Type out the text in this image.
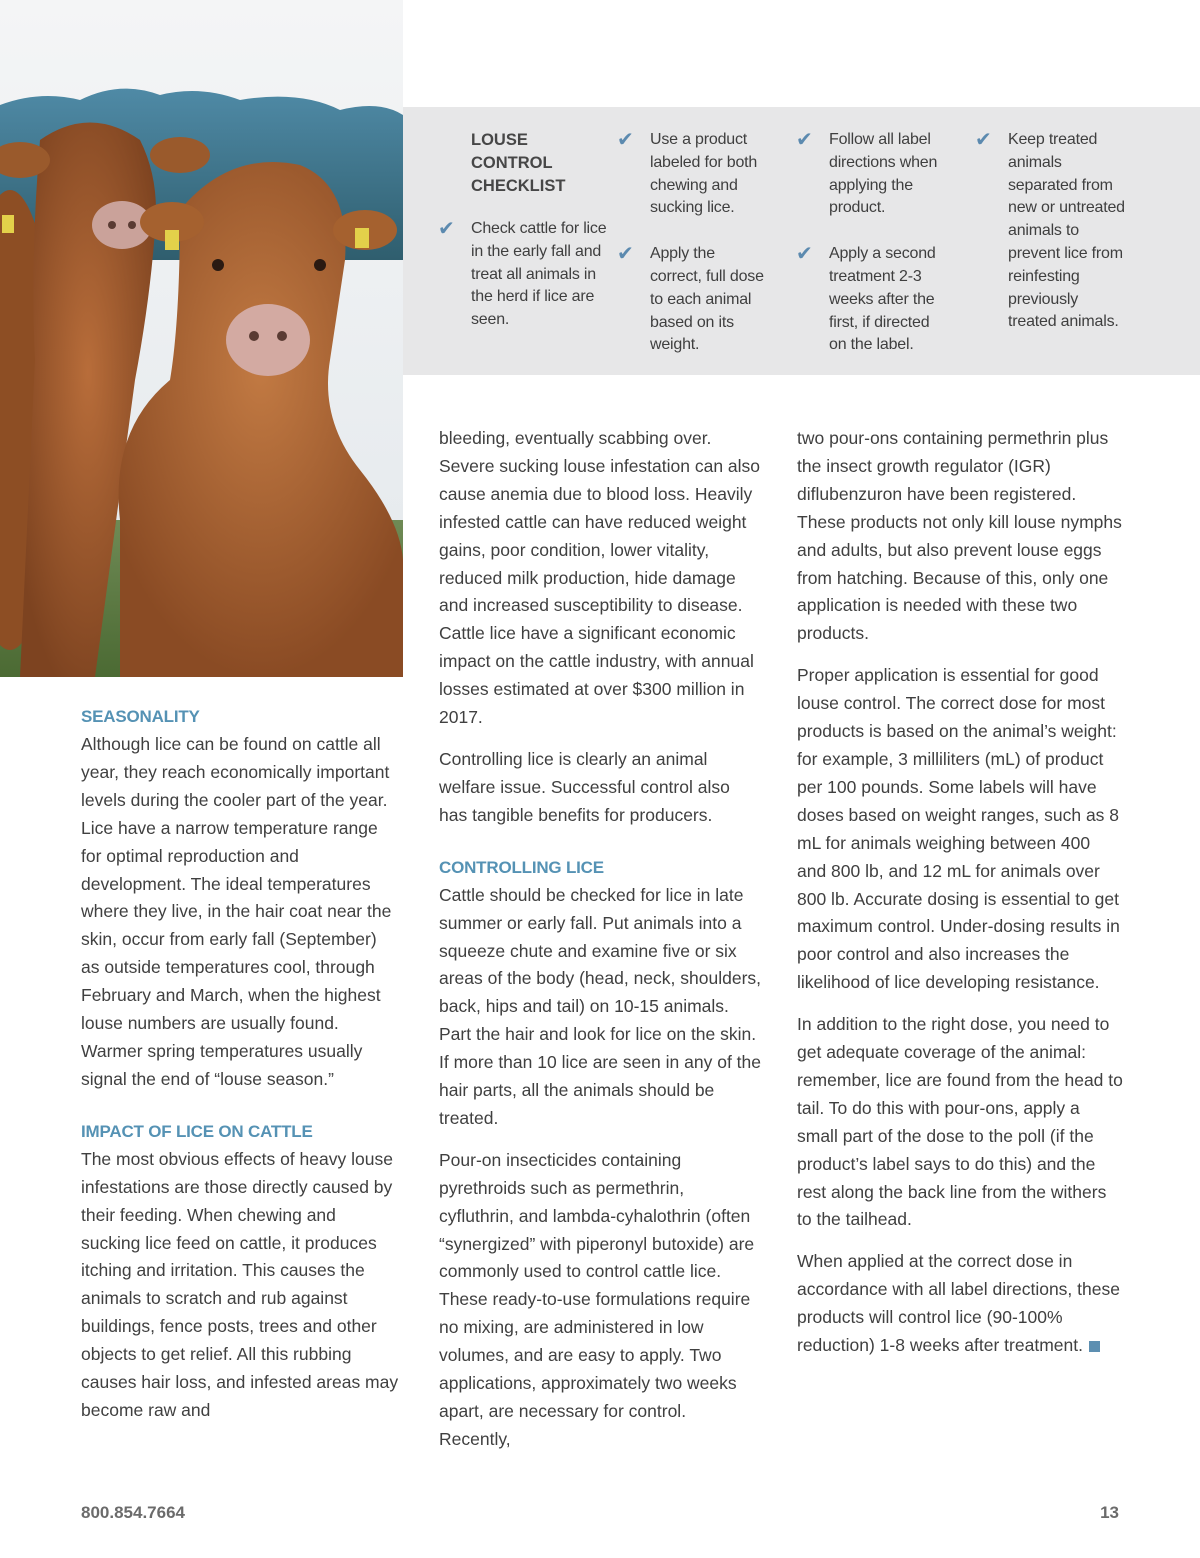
LOUSE CONTROL CHECKLIST
✔ Check cattle for lice in the early fall and treat all animals in the herd if lice are seen.
✔ Use a product labeled for both chewing and sucking lice.
✔ Apply the correct, full dose to each animal based on its weight.
✔ Follow all label directions when applying the product.
✔ Apply a second treatment 2-3 weeks after the first, if directed on the label.
✔ Keep treated animals separated from new or untreated animals to prevent lice from reinfesting previously treated animals.
SEASONALITY

Although lice can be found on cattle all year, they reach economically important levels during the cooler part of the year. Lice have a narrow temperature range for optimal reproduction and development. The ideal temperatures where they live, in the hair coat near the skin, occur from early fall (September) as outside temperatures cool, through February and March, when the highest louse numbers are usually found. Warmer spring temperatures usually signal the end of “louse season.”

IMPACT OF LICE ON CATTLE

The most obvious effects of heavy louse infestations are those directly caused by their feeding. When chewing and sucking lice feed on cattle, it produces itching and irritation. This causes the animals to scratch and rub against buildings, fence posts, trees and other objects to get relief. All this rubbing causes hair loss, and infested areas may become raw and

bleeding, eventually scabbing over. Severe sucking louse infestation can also cause anemia due to blood loss. Heavily infested cattle can have reduced weight gains, poor condition, lower vitality, reduced milk production, hide damage and increased susceptibility to disease. Cattle lice have a significant economic impact on the cattle industry, with annual losses estimated at over $300 million in 2017.

Controlling lice is clearly an animal welfare issue. Successful control also has tangible benefits for producers.

CONTROLLING LICE

Cattle should be checked for lice in late summer or early fall. Put animals into a squeeze chute and examine five or six areas of the body (head, neck, shoulders, back, hips and tail) on 10-15 animals. Part the hair and look for lice on the skin. If more than 10 lice are seen in any of the hair parts, all the animals should be treated.

Pour-on insecticides containing pyrethroids such as permethrin, cyfluthrin, and lambda-cyhalothrin (often “synergized” with piperonyl butoxide) are commonly used to control cattle lice. These ready-to-use formulations require no mixing, are administered in low volumes, and are easy to apply. Two applications, approximately two weeks apart, are necessary for control. Recently,

two pour-ons containing permethrin plus the insect growth regulator (IGR) diflubenzuron have been registered. These products not only kill louse nymphs and adults, but also prevent louse eggs from hatching. Because of this, only one application is needed with these two products.

Proper application is essential for good louse control. The correct dose for most products is based on the animal’s weight: for example, 3 milliliters (mL) of product per 100 pounds. Some labels will have doses based on weight ranges, such as 8 mL for animals weighing between 400 and 800 lb, and 12 mL for animals over 800 lb. Accurate dosing is essential to get maximum control. Under-dosing results in poor control and also increases the likelihood of lice developing resistance.

In addition to the right dose, you need to get adequate coverage of the animal: remember, lice are found from the head to tail. To do this with pour-ons, apply a small part of the dose to the poll (if the product’s label says to do this) and the rest along the back line from the withers to the tailhead.

When applied at the correct dose in accordance with all label directions, these products will control lice (90-100% reduction) 1-8 weeks after treatment.

800.854.7664	13
